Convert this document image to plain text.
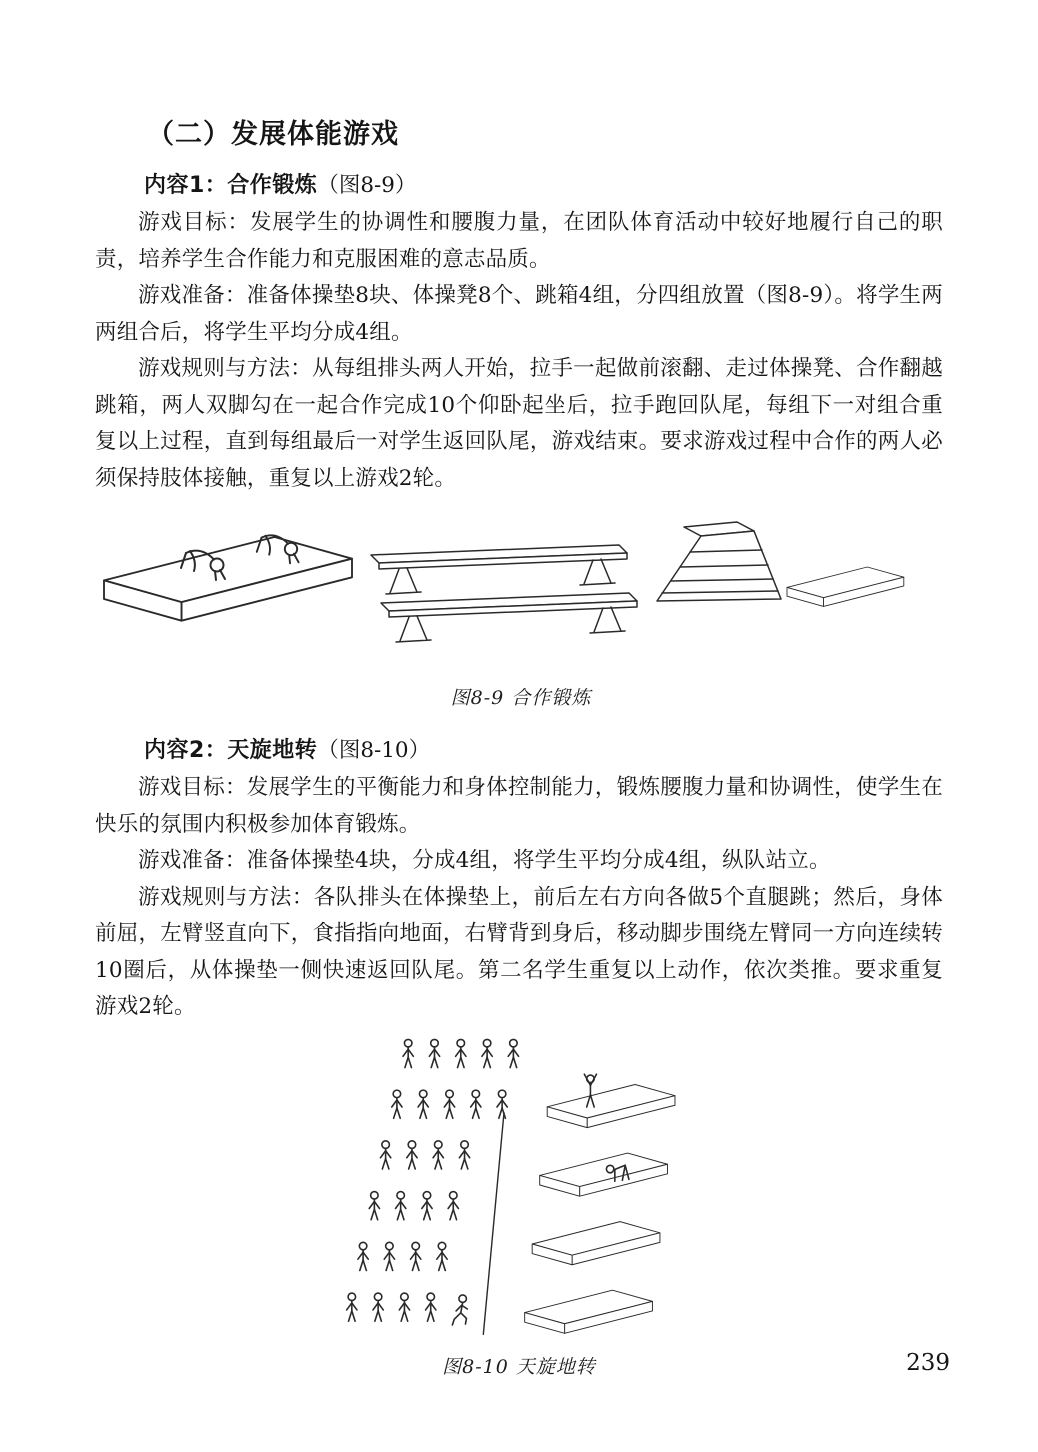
（二）发展体能游戏

内容1：合作锻炼（图8-9）

游戏目标：发展学生的协调性和腰腹力量，在团队体育活动中较好地履行自己的职责，培养学生合作能力和克服困难的意志品质。

游戏准备：准备体操垫8块、体操凳8个、跳箱4组，分四组放置（图8-9）。将学生两两组合后，将学生平均分成4组。

游戏规则与方法：从每组排头两人开始，拉手一起做前滚翻、走过体操凳、合作翻越跳箱，两人双脚勾在一起合作完成10个仰卧起坐后，拉手跑回队尾，每组下一对组合重复以上过程，直到每组最后一对学生返回队尾，游戏结束。要求游戏过程中合作的两人必须保持肢体接触，重复以上游戏2轮。

图8-9 合作锻炼

内容2：天旋地转（图8-10）

游戏目标：发展学生的平衡能力和身体控制能力，锻炼腰腹力量和协调性，使学生在快乐的氛围内积极参加体育锻炼。

游戏准备：准备体操垫4块，分成4组，将学生平均分成4组，纵队站立。

游戏规则与方法：各队排头在体操垫上，前后左右方向各做5个直腿跳；然后，身体前屈，左臂竖直向下，食指指向地面，右臂背到身后，移动脚步围绕左臂同一方向连续转10圈后，从体操垫一侧快速返回队尾。第二名学生重复以上动作，依次类推。要求重复游戏2轮。

图8-10 天旋地转	239
